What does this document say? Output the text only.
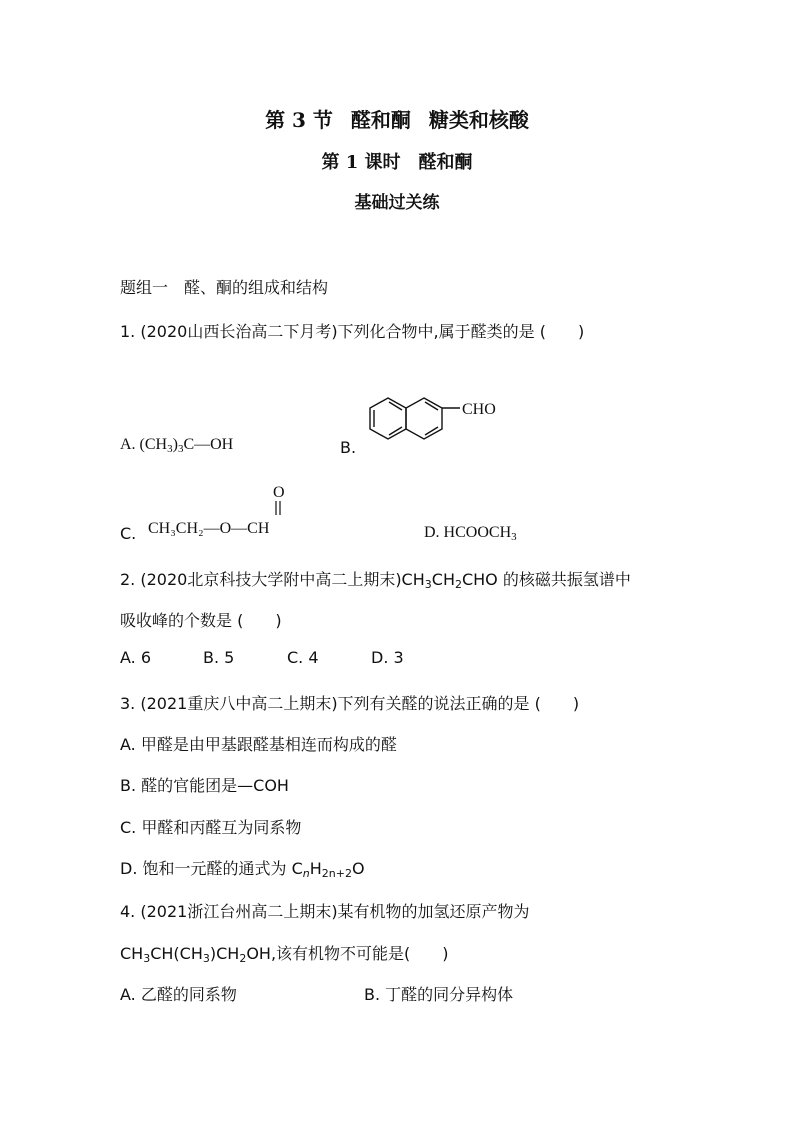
第 3 节 醛和酮 糖类和核酸
第 1 课时　醛和酮
基础过关练
题组一　醛、酮的组成和结构
1. (2020山西长治高二下月考)下列化合物中,属于醛类的是 (　　)
A. $(CH_3)_3C—OH$	B.
CHO
C.
O
CH₃CH₂—O—CH	D. $HCOOCH_3$
2. (2020北京科技大学附中高二上期末)$CH_3CH_2CHO$ 的核磁共振氢谱中
吸收峰的个数是 (　　)
A. 6	B. 5	C. 4	D. 3
3. (2021重庆八中高二上期末)下列有关醛的说法正确的是 (　　)
A. 甲醛是由甲基跟醛基相连而构成的醛
B. 醛的官能团是—COH
C. 甲醛和丙醛互为同系物
D. 饱和一元醛的通式为 $C_nH_{2n+2}O$
4. (2021浙江台州高二上期末)某有机物的加氢还原产物为
$CH_3CH(CH_3)CH_2OH$,该有机物不可能是(　　)
A. 乙醛的同系物	B. 丁醛的同分异构体
